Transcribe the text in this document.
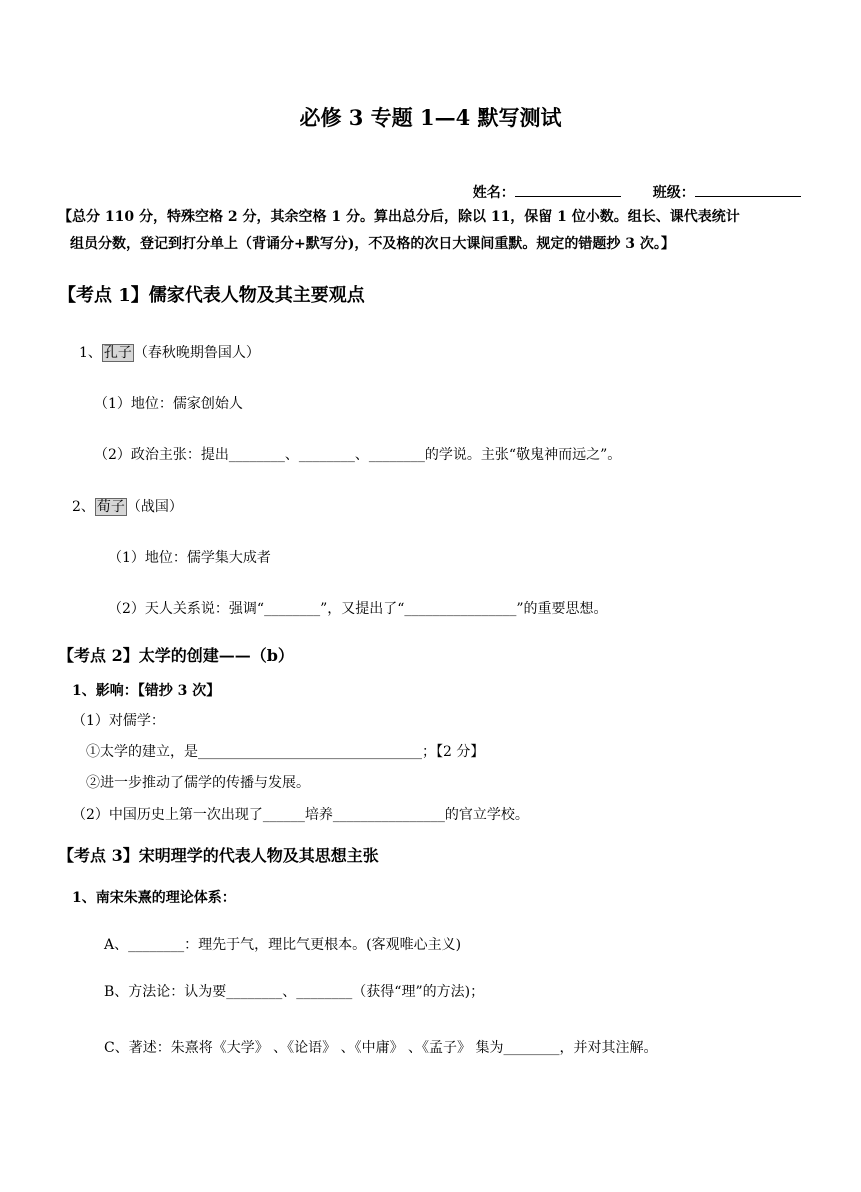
必修 3 专题 1—4 默写测试

姓名：	班级：

【总分 110 分，特殊空格 2 分，其余空格 1 分。算出总分后，除以 11，保留 1 位小数。组长、课代表统计
组员分数，登记到打分单上（背诵分+默写分)，不及格的次日大课间重默。规定的错题抄 3 次。】
【考点 1】儒家代表人物及其主要观点
1、 孔子 （春秋晚期鲁国人）
（1）地位：儒家创始人
（2）政治主张：提出________、________、________的学说。主张“敬鬼神而远之”。
2、 荀子 （战国）
（1）地位：儒学集大成者
（2）天人关系说：强调“________”，又提出了“________________”的重要思想。
【考点 2】太学的创建——（b）
1、影响：【错抄 3 次】
（1）对儒学：
①太学的建立，是________________________________；【2 分】
②进一步推动了儒学的传播与发展。
（2）中国历史上第一次出现了______培养________________的官立学校。
【考点 3】宋明理学的代表人物及其思想主张
1、南宋朱熹的理论体系：
A、________：理先于气，理比气更根本。(客观唯心主义)
B、方法论：认为要________、________（获得“理”的方法)；
C、著述：朱熹将《大学》 、《论语》 、《中庸》 、《孟子》 集为________，并对其注解。
